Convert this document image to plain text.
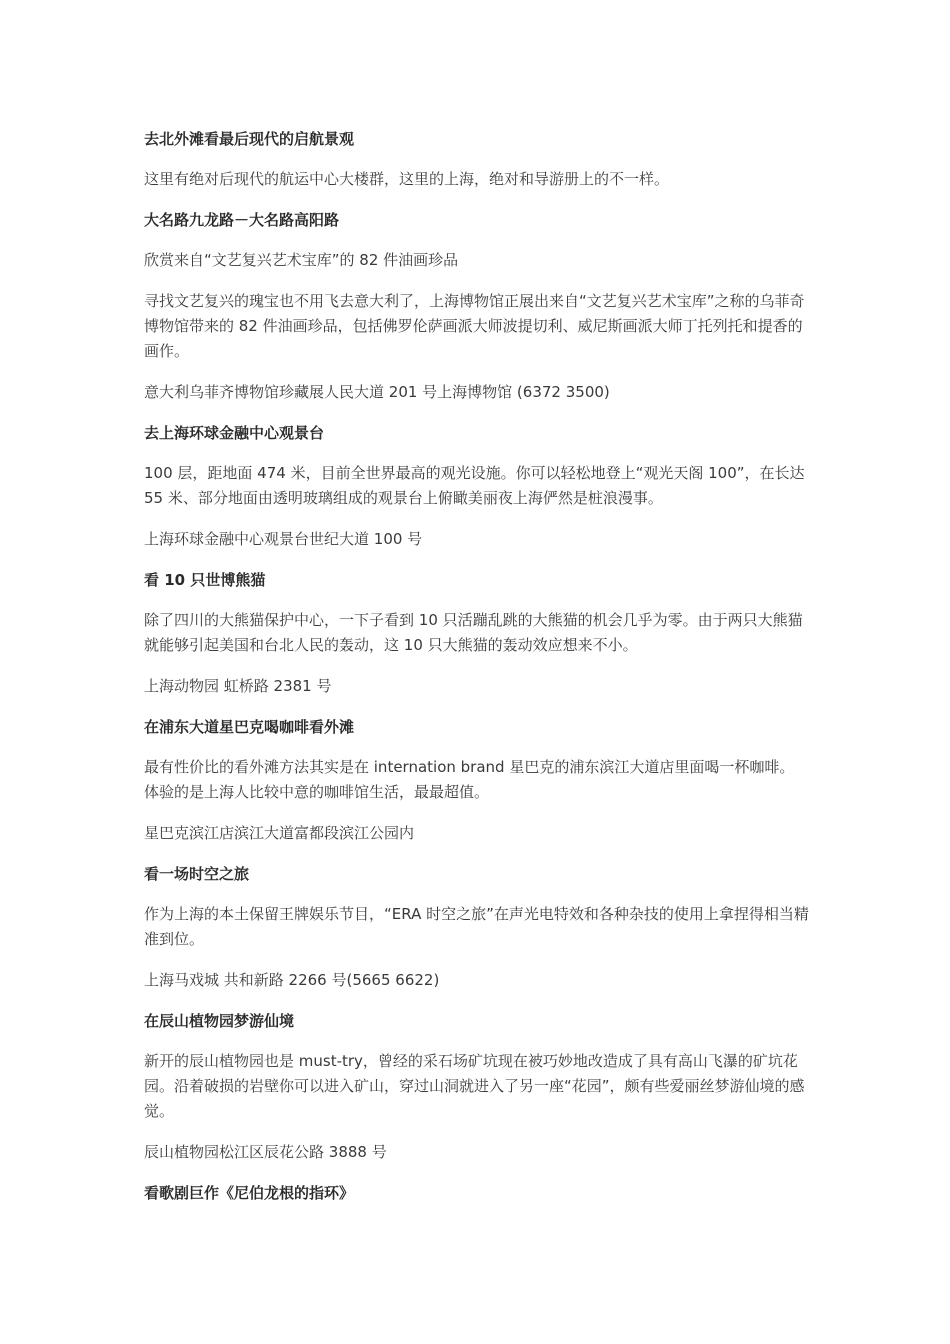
去北外滩看最后现代的启航景观
这里有绝对后现代的航运中心大楼群，这里的上海，绝对和导游册上的不一样。
大名路九龙路－大名路高阳路
欣赏来自“文艺复兴艺术宝库”的 82 件油画珍品
寻找文艺复兴的瑰宝也不用飞去意大利了，上海博物馆正展出来自“文艺复兴艺术宝库”之称的乌菲奇博物馆带来的 82 件油画珍品，包括佛罗伦萨画派大师波提切利、威尼斯画派大师丁托列托和提香的画作。
意大利乌菲齐博物馆珍藏展人民大道 201 号上海博物馆 (6372 3500)
去上海环球金融中心观景台
100 层，距地面 474 米，目前全世界最高的观光设施。你可以轻松地登上“观光天阁 100”，在长达 55 米、部分地面由透明玻璃组成的观景台上俯瞰美丽夜上海俨然是桩浪漫事。
上海环球金融中心观景台世纪大道 100 号
看 10 只世博熊猫
除了四川的大熊猫保护中心，一下子看到 10 只活蹦乱跳的大熊猫的机会几乎为零。由于两只大熊猫就能够引起美国和台北人民的轰动，这 10 只大熊猫的轰动效应想来不小。
上海动物园 虹桥路 2381 号
在浦东大道星巴克喝咖啡看外滩
最有性价比的看外滩方法其实是在 internation brand 星巴克的浦东滨江大道店里面喝一杯咖啡。体验的是上海人比较中意的咖啡馆生活，最最超值。
星巴克滨江店滨江大道富都段滨江公园内
看一场时空之旅
作为上海的本土保留王牌娱乐节目，“ERA 时空之旅”在声光电特效和各种杂技的使用上拿捏得相当精准到位。
上海马戏城 共和新路 2266 号(5665 6622)
在辰山植物园梦游仙境
新开的辰山植物园也是 must-try，曾经的采石场矿坑现在被巧妙地改造成了具有高山飞瀑的矿坑花园。沿着破损的岩壁你可以进入矿山，穿过山洞就进入了另一座“花园”，颇有些爱丽丝梦游仙境的感觉。
辰山植物园松江区辰花公路 3888 号
看歌剧巨作《尼伯龙根的指环》
